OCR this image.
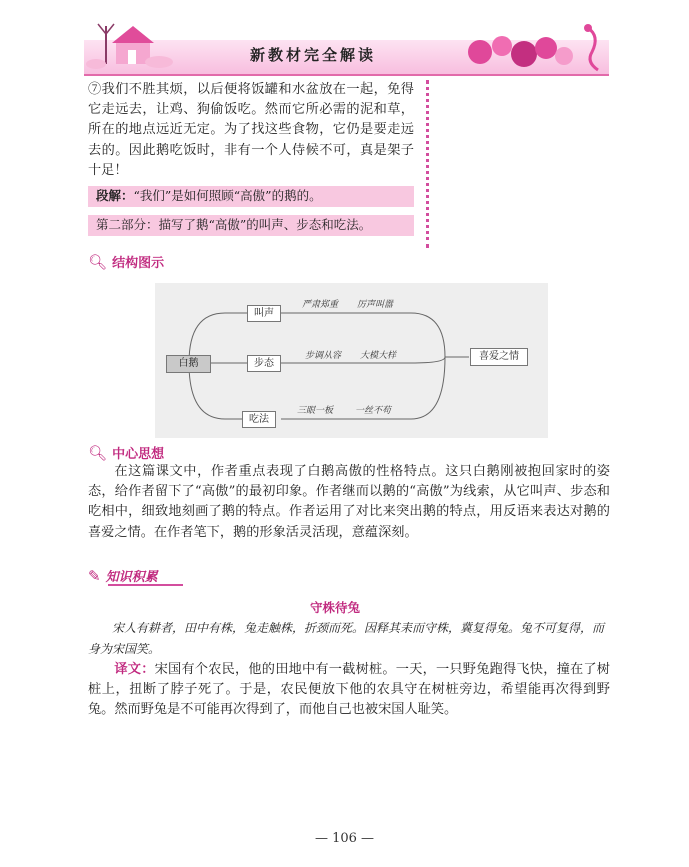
新教材完全解读
⑦我们不胜其烦，以后便将饭罐和水盆放在一起，免得它走远去，让鸡、狗偷饭吃。然而它所必需的泥和草，所在的地点远近无定。为了找这些食物，它仍是要走远去的。因此鹅吃饭时，非有一个人侍候不可，真是架子十足！
段解：“我们”是如何照顾“高傲”的鹅的。
第二部分：描写了鹅“高傲”的叫声、步态和吃法。
🔍︎ 结构图示
白鹅
叫声
严肃郑重 厉声叫嚣
步态
步调从容 大模大样
吃法
三眼一板 一丝不苟
喜爱之情
🔍︎ 中心思想
在这篇课文中，作者重点表现了白鹅高傲的性格特点。这只白鹅刚被抱回家时的姿态，给作者留下了“高傲”的最初印象。作者继而以鹅的“高傲”为线索，从它叫声、步态和吃相中，细致地刻画了鹅的特点。作者运用了对比来突出鹅的特点，用反语来表达对鹅的喜爱之情。在作者笔下，鹅的形象活灵活现，意蕴深刻。
✎ 知识积累
守株待兔
宋人有耕者，田中有株，兔走触株，折颈而死。因释其耒而守株，冀复得兔。兔不可复得，而身为宋国笑。
译文：宋国有个农民，他的田地中有一截树桩。一天，一只野兔跑得飞快，撞在了树桩上，扭断了脖子死了。于是，农民便放下他的农具守在树桩旁边，希望能再次得到野兔。然而野兔是不可能再次得到了，而他自己也被宋国人耻笑。
— 106 —
